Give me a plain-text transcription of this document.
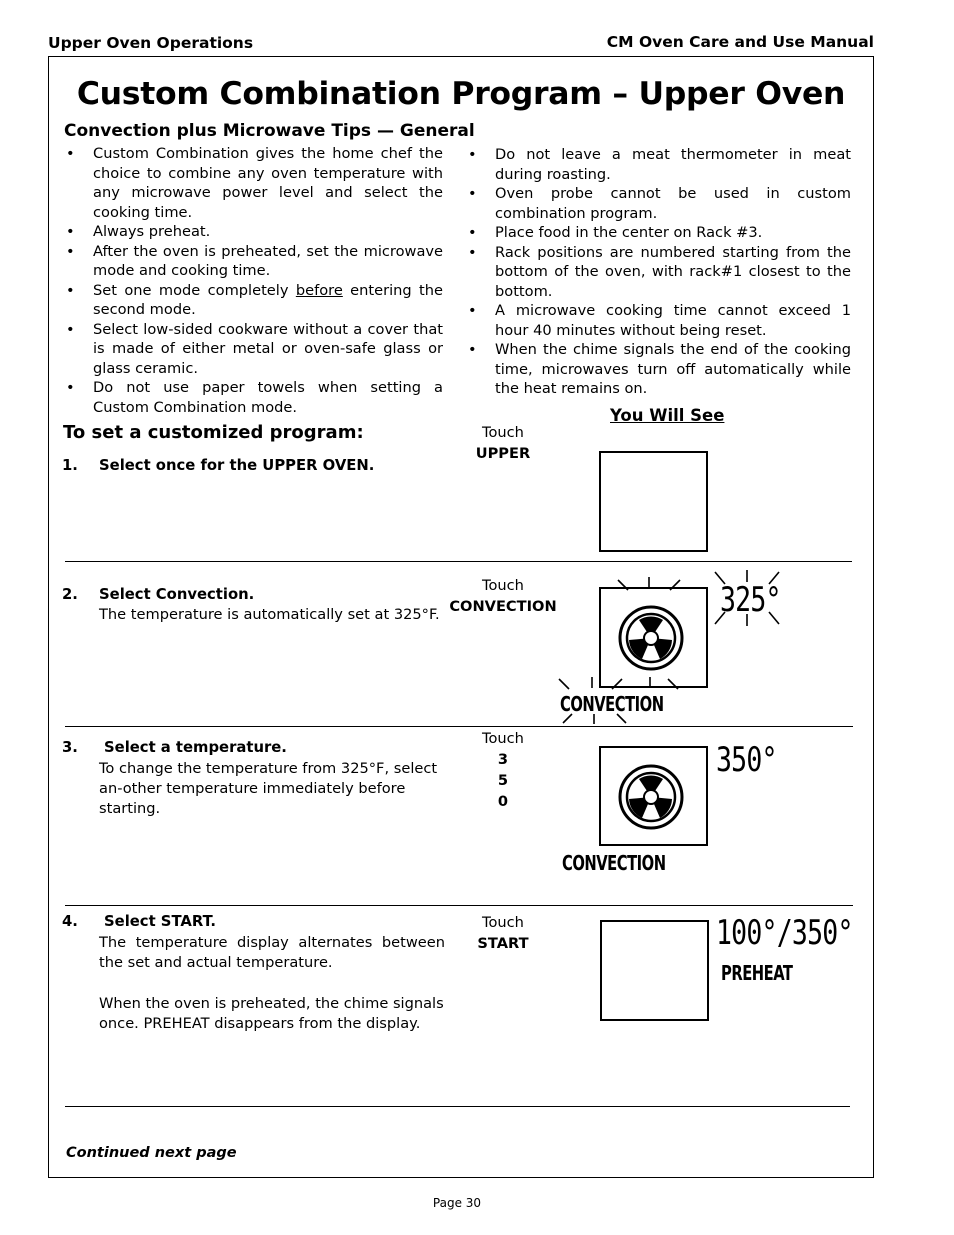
Upper Oven Operations	CM Oven Care and Use Manual
Custom Combination Program – Upper Oven
Convection plus Microwave Tips — General
• Custom Combination gives the home chef the choice to combine any oven temperature with any microwave power level and select the cooking time.
• Always preheat.
• After the oven is preheated, set the microwave mode and cooking time.
• Set one mode completely before entering the second mode.
• Select low-sided cookware without a cover that is made of either metal or oven-safe glass or glass ceramic.
• Do not use paper towels when setting a Custom Combination mode.
• Do not leave a meat thermometer in meat during roasting.
• Oven probe cannot be used in custom combination program.
• Place food in the center on Rack #3.
• Rack positions are numbered starting from the bottom of the oven, with rack#1 closest to the bottom.
• A microwave cooking time cannot exceed 1 hour 40 minutes without being reset.
• When the chime signals the end of the cooking time, microwaves turn off automatically while the heat remains on.
To set a customized program:
You Will See
1. Select once for the UPPER OVEN.
Touch
UPPER
2. Select Convection.
The temperature is automatically set at 325°F.
Touch
CONVECTION	325°
CONVECTION
3. Select a temperature.
To change the temperature from 325°F, select an-other temperature immediately before starting.
Touch
3
5
0
350°
CONVECTION
4. Select START.
The temperature display alternates between the set and actual temperature.
When the oven is preheated, the chime signals once. PREHEAT disappears from the display.
Touch
START	100°/350°
PREHEAT
Continued next page
Page 30
